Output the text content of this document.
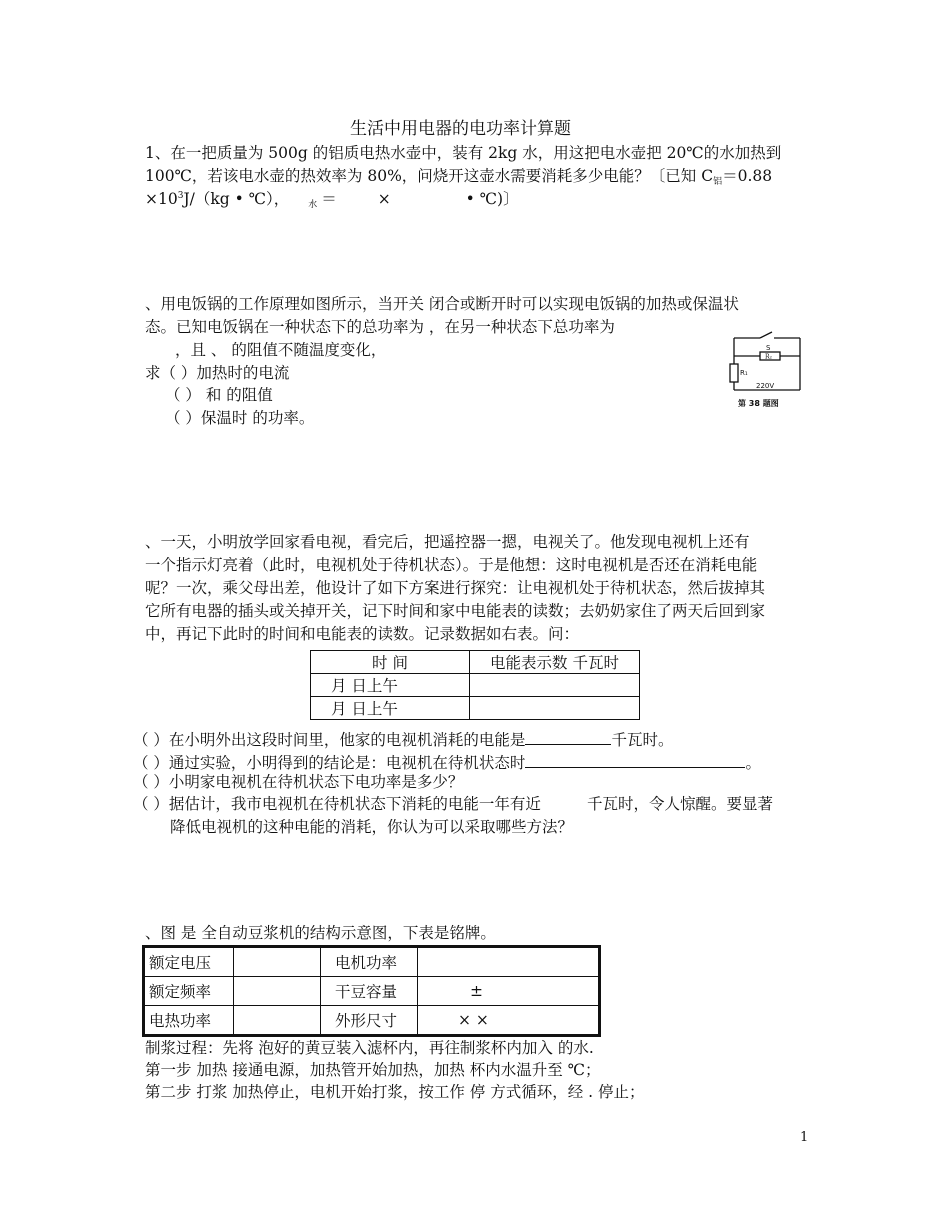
生活中用电器的电功率计算题
1、在一把质量为 500g 的铝质电热水壶中，装有 2kg 水，用这把电水壶把 20℃的水加热到
100℃，若该电水壶的热效率为 80%，问烧开这壶水需要消耗多少电能？〔已知 $C_铝=0.88$
$\times 10^3J/(kg$ • ℃）， $_水$ ＝	×	• ℃)〕
、用电饭锅的工作原理如图所示，当开关 闭合或断开时可以实现电饭锅的加热或保温状
态。已知电饭锅在一种状态下的总功率为 ，在另一种状态下总功率为
，且 、 的阻值不随温度变化，
求（ ）加热时的电流
（ ） 和 的阻值
（ ）保温时 的功率。
S
R₂
R₁
220V
第 38 题图
、一天，小明放学回家看电视，看完后，把遥控器一摁，电视关了。他发现电视机上还有
一个指示灯亮着（此时，电视机处于待机状态）。于是他想：这时电视机是否还在消耗电能
呢？一次，乘父母出差，他设计了如下方案进行探究：让电视机处于待机状态，然后拔掉其
它所有电器的插头或关掉开关，记下时间和家中电能表的读数；去奶奶家住了两天后回到家
中，再记下此时的时间和电能表的读数。记录数据如右表。问：
时 间	电能表示数 千瓦时
月 日上午	
月 日上午	
（ ）在小明外出这段时间里，他家的电视机消耗的电能是	千瓦时。
（ ）通过实验，小明得到的结论是：电视机在待机状态时	。
（ ）小明家电视机在待机状态下电功率是多少？
（ ）据估计，我市电视机在待机状态下消耗的电能一年有近	千瓦时，令人惊醒。要显著
降低电视机的这种电能的消耗，你认为可以采取哪些方法？
、图 是 全自动豆浆机的结构示意图，下表是铭牌。
额定电压		电机功率	
额定频率		干豆容量	±
电热功率		外形尺寸	× ×
制浆过程：先将 泡好的黄豆装入滤杯内，再往制浆杯内加入 的水.
第一步 加热 接通电源，加热管开始加热，加热 杯内水温升至 ℃；
第二步 打浆 加热停止，电机开始打浆，按工作 停 方式循环，经 . 停止；
1
